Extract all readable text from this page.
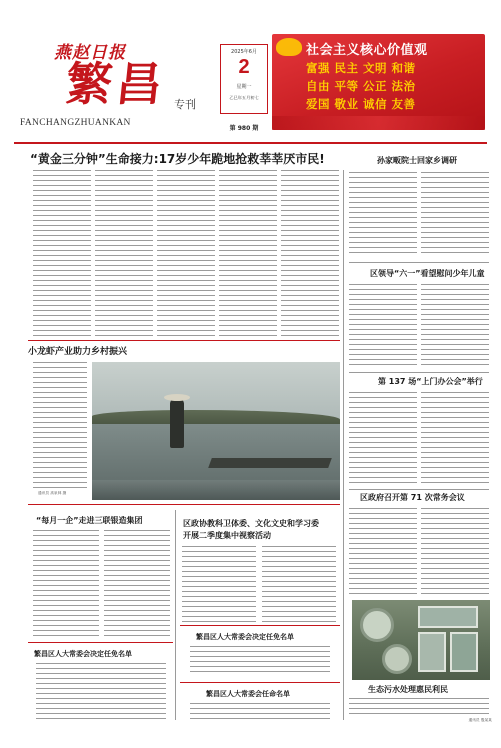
燕赵日报
繁昌 专刊
FANCHANGZHUANKAN
2025年6月
2
星期一
乙巳年五月初七
第 980 期
社会主义核心价值观
富强 民主 文明 和谐
自由 平等 公正 法治
爱国 敬业 诚信 友善
“黄金三分钟”生命接力:17岁少年跪地抢救莘莘厌市民!	孙家畈院士回家乡调研
区领导“六一”看望慰问少年儿童
第 137 场“上门办公会”举行
区政府召开第 71 次常务会议
生态污水处理惠民利民
通讯员 殷某某
小龙虾产业助力乡村振兴
通讯员 高泉林 摄
“每月一企”走进三联银造集团	区政协教科卫体委、文化文史和学习委
开展二季度集中视察活动
繁昌区人大常委会决定任免名单
繁昌区人大常委会决定任免名单
繁昌区人大常委会任命名单
